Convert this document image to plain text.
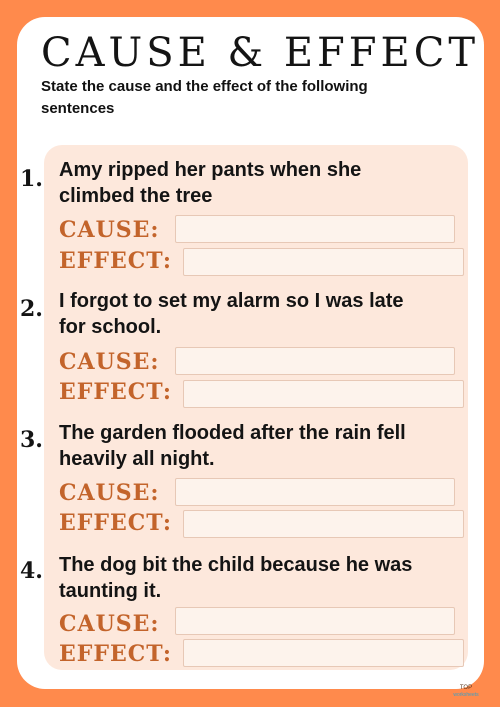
CAUSE & EFFECT
State the cause and the effect of the following sentences
1. Amy ripped her pants when she
climbed the tree
CAUSE:
EFFECT:
2. I forgot to set my alarm so I was late
for school.
CAUSE:
EFFECT:
3. The garden flooded after the rain fell
heavily all night.
CAUSE:
EFFECT:
4. The dog bit the child because he was
taunting it.
CAUSE:
EFFECT:
TOP
worksheets
